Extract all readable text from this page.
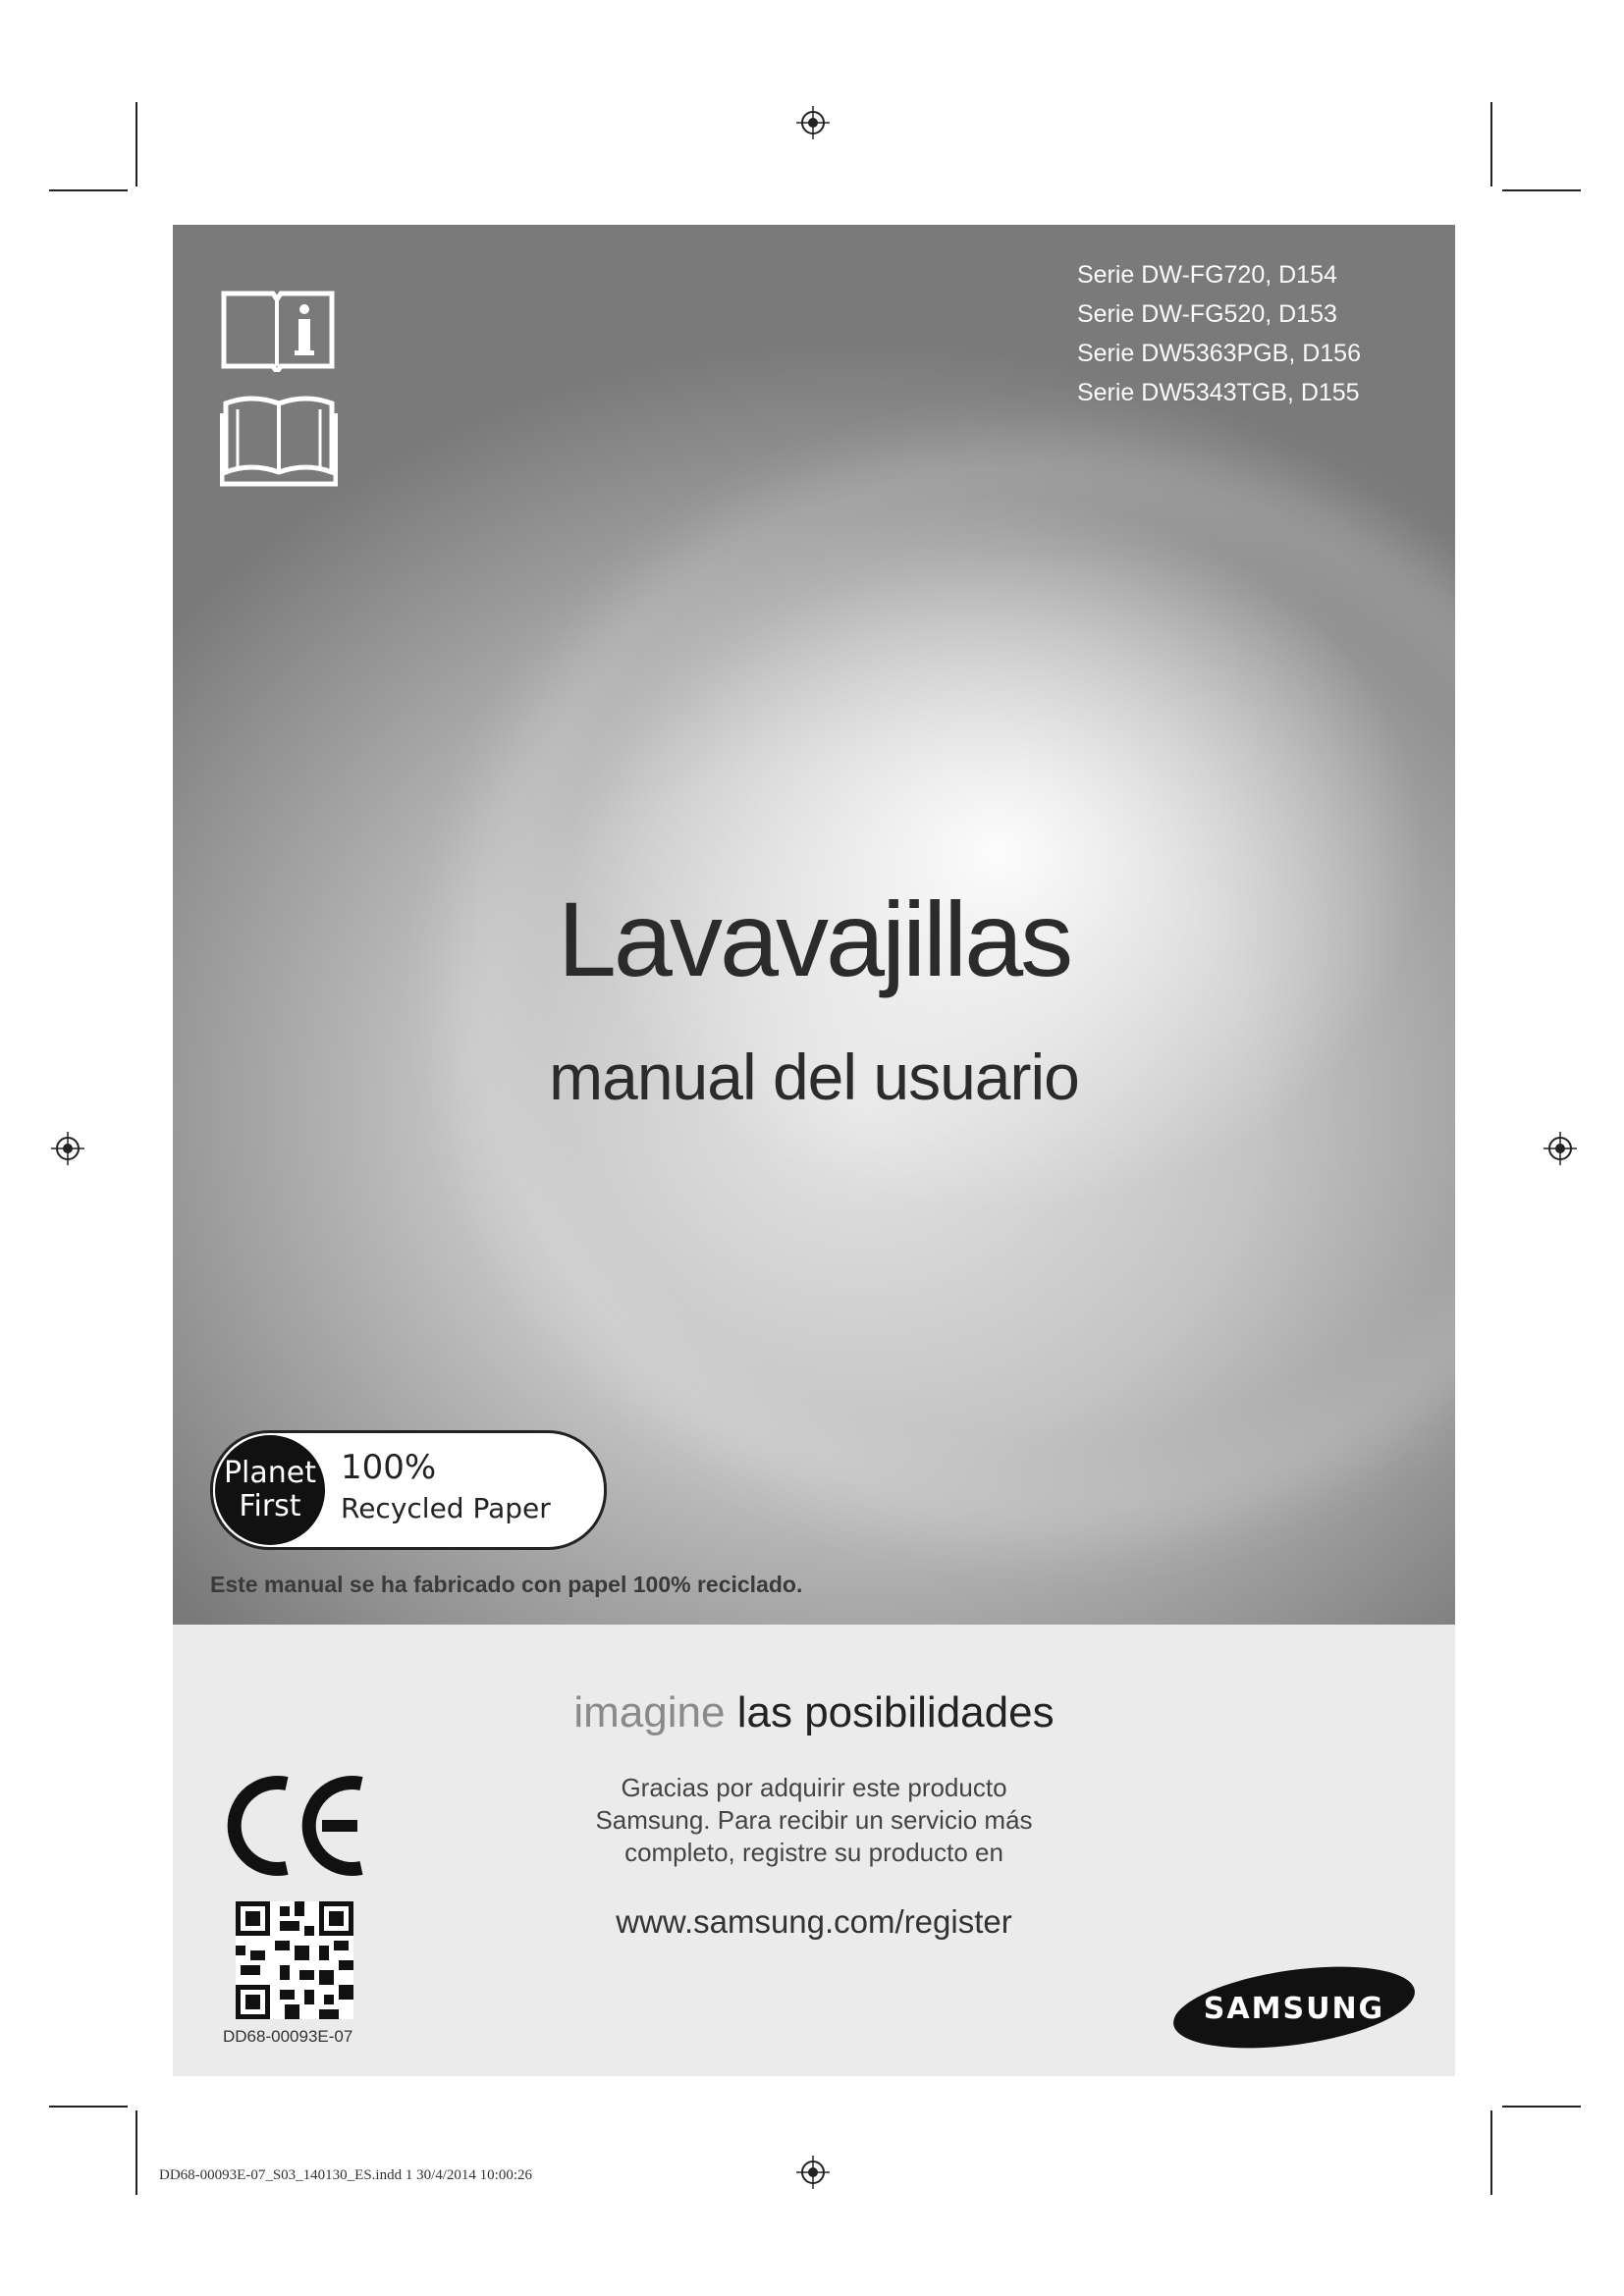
Serie DW-FG720, D154
Serie DW-FG520, D153
Serie DW5363PGB, D156
Serie DW5343TGB, D155
Lavavajillas
manual del usuario
Planet
First
100%
Recycled Paper
Este manual se ha fabricado con papel 100% reciclado.
imagine las posibilidades
Gracias por adquirir este producto
Samsung. Para recibir un servicio más
completo, registre su producto en
www.samsung.com/register
DD68-00093E-07
SAMSUNG
DD68-00093E-07_S03_140130_ES.indd 1 30/4/2014 10:00:26
